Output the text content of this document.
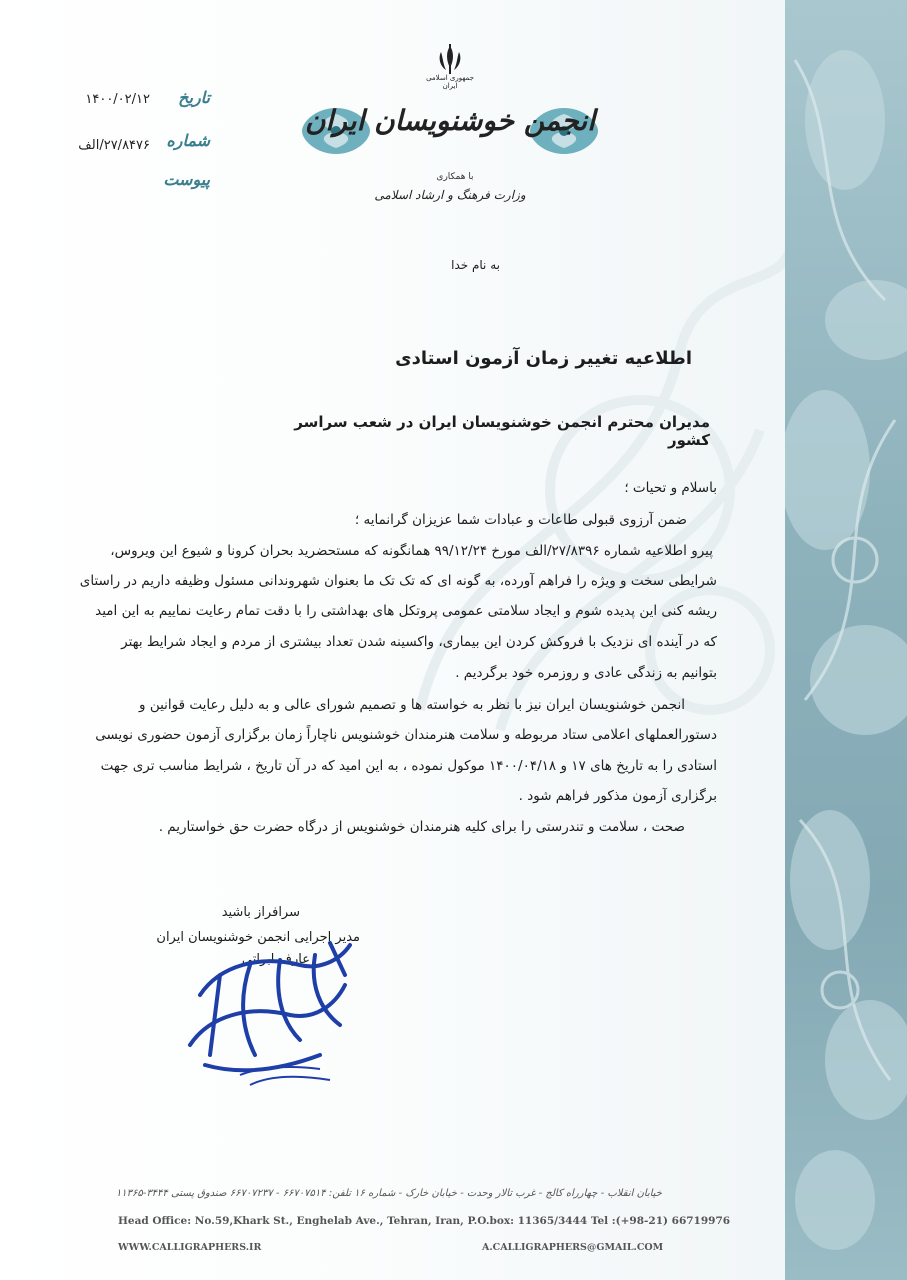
جمهوری اسلامی ایران
انجمن خوشنویسان ایران
با همکاری
وزارت فرهنگ و ارشاد اسلامی
تاریخ
۱۴۰۰/۰۲/۱۲
شماره
۲۷/۸۴۷۶/الف
پیوست
به نام خدا
اطلاعیه تغییر زمان آزمون استادی
مدیران محترم انجمن خوشنویسان ایران در شعب سراسر کشور
باسلام و تحیات ؛
ضمن آرزوی قبولی طاعات و عبادات شما عزیزان گرانمایه ؛
پیرو اطلاعیه شماره ۲۷/۸۳۹۶/الف مورخ ۹۹/۱۲/۲۴ همانگونه که مستحضرید بحران کرونا و شیوع این ویروس،
شرایطی سخت و ویژه را فراهم آورده، به گونه ای که تک تک ما بعنوان شهروندانی مسئول وظیفه داریم در راستای
ریشه کنی این پدیده شوم و ایجاد سلامتی عمومی پروتکل های بهداشتی را با دقت تمام رعایت نماییم به این امید
که در آینده ای نزدیک با فروکش کردن این بیماری، واکسینه شدن تعداد بیشتری از مردم و ایجاد شرایط بهتر
بتوانیم به زندگی عادی و روزمره خود برگردیم .
انجمن خوشنویسان ایران نیز با نظر به خواسته ها و تصمیم شورای عالی و به دلیل رعایت قوانین و
دستورالعملهای اعلامی ستاد مربوطه و سلامت هنرمندان خوشنویس ناچاراً زمان برگزاری آزمون حضوری نویسی
استادی را به تاریخ های ۱۷ و ۱۴۰۰/۰۴/۱۸ موکول نموده ، به این امید که در آن تاریخ ، شرایط مناسب تری جهت
برگزاری آزمون مذکور فراهم شود .
صحت ، سلامت و تندرستی را برای کلیه هنرمندان خوشنویس از درگاه حضرت حق خواستاریم .
سرافراز باشید
مدیر اجرایی انجمن خوشنویسان ایران
عارف ابراتی
خیابان انقلاب - چهارراه کالج - غرب تالار وحدت - خیابان خارک - شماره ۱۶ تلفن: ۶۶۷۰۷۵۱۴ - ۶۶۷۰۷۲۳۷ صندوق پستی ۳۴۴۴-۱۱۳۶۵
Head Office: No.59,Khark St., Enghelab Ave., Tehran, Iran, P.O.box: 11365/3444 Tel :(+98-21) 66719976
WWW.CALLIGRAPHERS.IR	A.CALLIGRAPHERS@GMAIL.COM
